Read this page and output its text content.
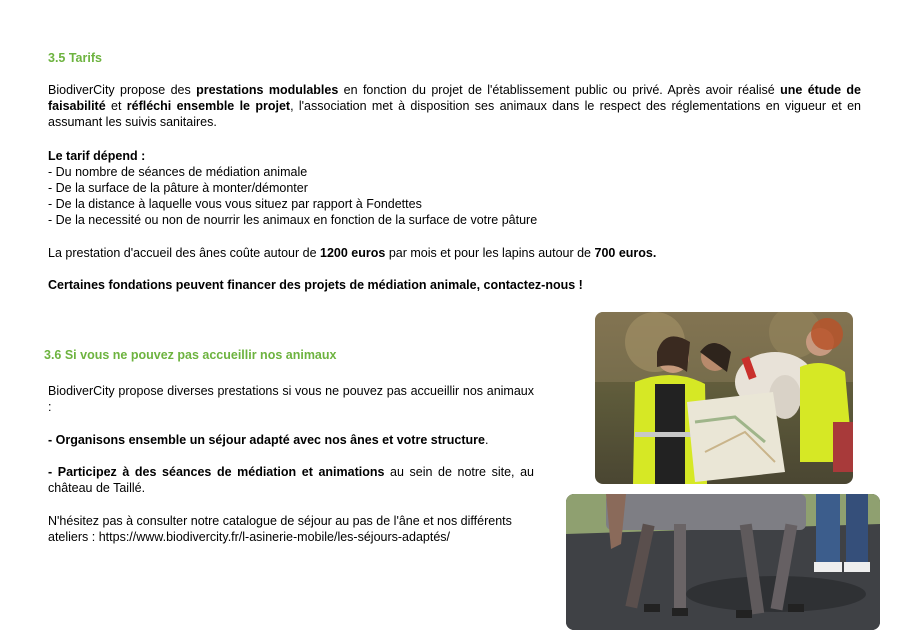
3.5 Tarifs
BiodiverCity propose des prestations modulables en fonction du projet de l'établissement public ou privé. Après avoir réalisé une étude de faisabilité et réfléchi ensemble le projet, l'association met à disposition ses animaux dans le respect des réglementations en vigueur et en assumant les suivis sanitaires.
Le tarif dépend :
- Du nombre de séances de médiation animale
- De la surface de la pâture à monter/démonter
- De la distance à laquelle vous vous situez par rapport à Fondettes
- De la necessité ou non de nourrir les animaux en fonction de la surface de votre pâture
La prestation d'accueil des ânes coûte autour de 1200 euros par mois et pour les lapins autour de 700 euros.
Certaines fondations peuvent financer des projets de médiation animale, contactez-nous !
3.6 Si vous ne pouvez pas accueillir nos animaux
BiodiverCity propose diverses prestations si vous ne pouvez pas accueillir nos animaux :
- Organisons ensemble un séjour adapté avec nos ânes et votre structure.
- Participez à des séances de médiation et animations au sein de notre site, au château de Taillé.
N'hésitez pas à consulter notre catalogue de séjour au pas de l'âne et nos différents ateliers : https://www.biodivercity.fr/l-asinerie-mobile/les-séjours-adaptés/
